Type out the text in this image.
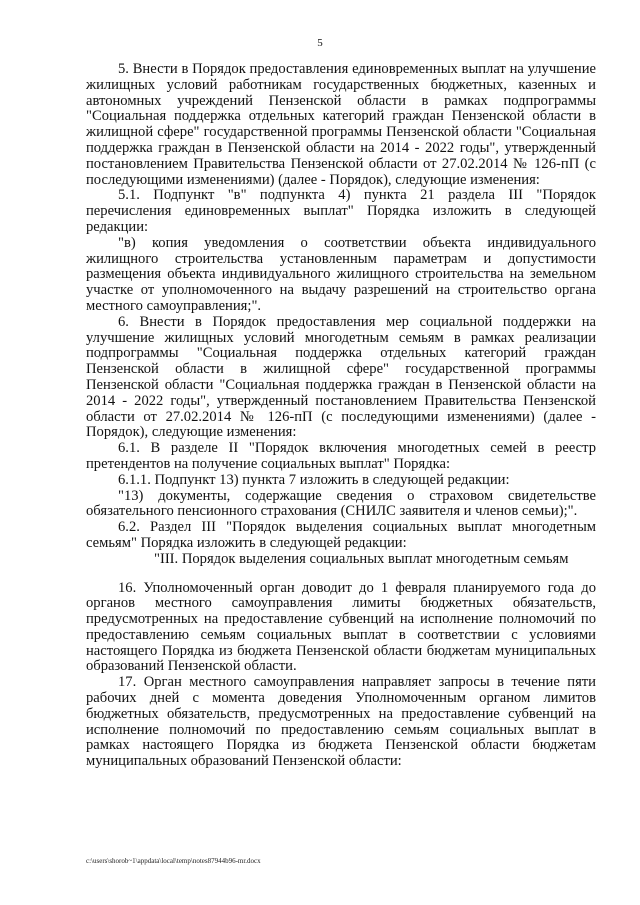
5

5. Внести в Порядок предоставления единовременных выплат на улучшение жилищных условий работникам государственных бюджетных, казенных и автономных учреждений Пензенской области в рамках подпрограммы "Социальная поддержка отдельных категорий граждан Пензенской области в жилищной сфере" государственной программы Пензенской области "Социальная поддержка граждан в Пензенской области на 2014 - 2022 годы", утвержденный постановлением Правительства Пензенской области от 27.02.2014 № 126-пП (с последующими изменениями) (далее - Порядок), следующие изменения:

5.1. Подпункт "в" подпункта 4) пункта 21 раздела III "Порядок перечисления единовременных выплат" Порядка изложить в следующей редакции:

"в) копия уведомления о соответствии объекта индивидуального жилищного строительства установленным параметрам и допустимости размещения объекта индивидуального жилищного строительства на земельном участке от уполномоченного на выдачу разрешений на строительство органа местного самоуправления;".

6. Внести в Порядок предоставления мер социальной поддержки на улучшение жилищных условий многодетным семьям в рамках реализации подпрограммы "Социальная поддержка отдельных категорий граждан Пензенской области в жилищной сфере" государственной программы Пензенской области "Социальная поддержка граждан в Пензенской области на 2014 - 2022 годы", утвержденный постановлением Правительства Пензенской области от 27.02.2014 № 126-пП (с последующими изменениями) (далее - Порядок), следующие изменения:

6.1. В разделе II "Порядок включения многодетных семей в реестр претендентов на получение социальных выплат" Порядка:

6.1.1. Подпункт 13) пункта 7 изложить в следующей редакции:

"13) документы, содержащие сведения о страховом свидетельстве обязательного пенсионного страхования (СНИЛС заявителя и членов семьи);".

6.2. Раздел III "Порядок выделения социальных выплат многодетным семьям" Порядка изложить в следующей редакции:

"III. Порядок выделения социальных выплат многодетным семьям

16. Уполномоченный орган доводит до 1 февраля планируемого года до органов местного самоуправления лимиты бюджетных обязательств, предусмотренных на предоставление субвенций на исполнение полномочий по предоставлению семьям социальных выплат в соответствии с условиями настоящего Порядка из бюджета Пензенской области бюджетам муниципальных образований Пензенской области.

17. Орган местного самоуправления направляет запросы в течение пяти рабочих дней с момента доведения Уполномоченным органом лимитов бюджетных обязательств, предусмотренных на предоставление субвенций на исполнение полномочий по предоставлению семьям социальных выплат в рамках настоящего Порядка из бюджета Пензенской области бюджетам муниципальных образований Пензенской области:

c:\users\shorob~1\appdata\local\temp\notes87944b96-mr.docx
